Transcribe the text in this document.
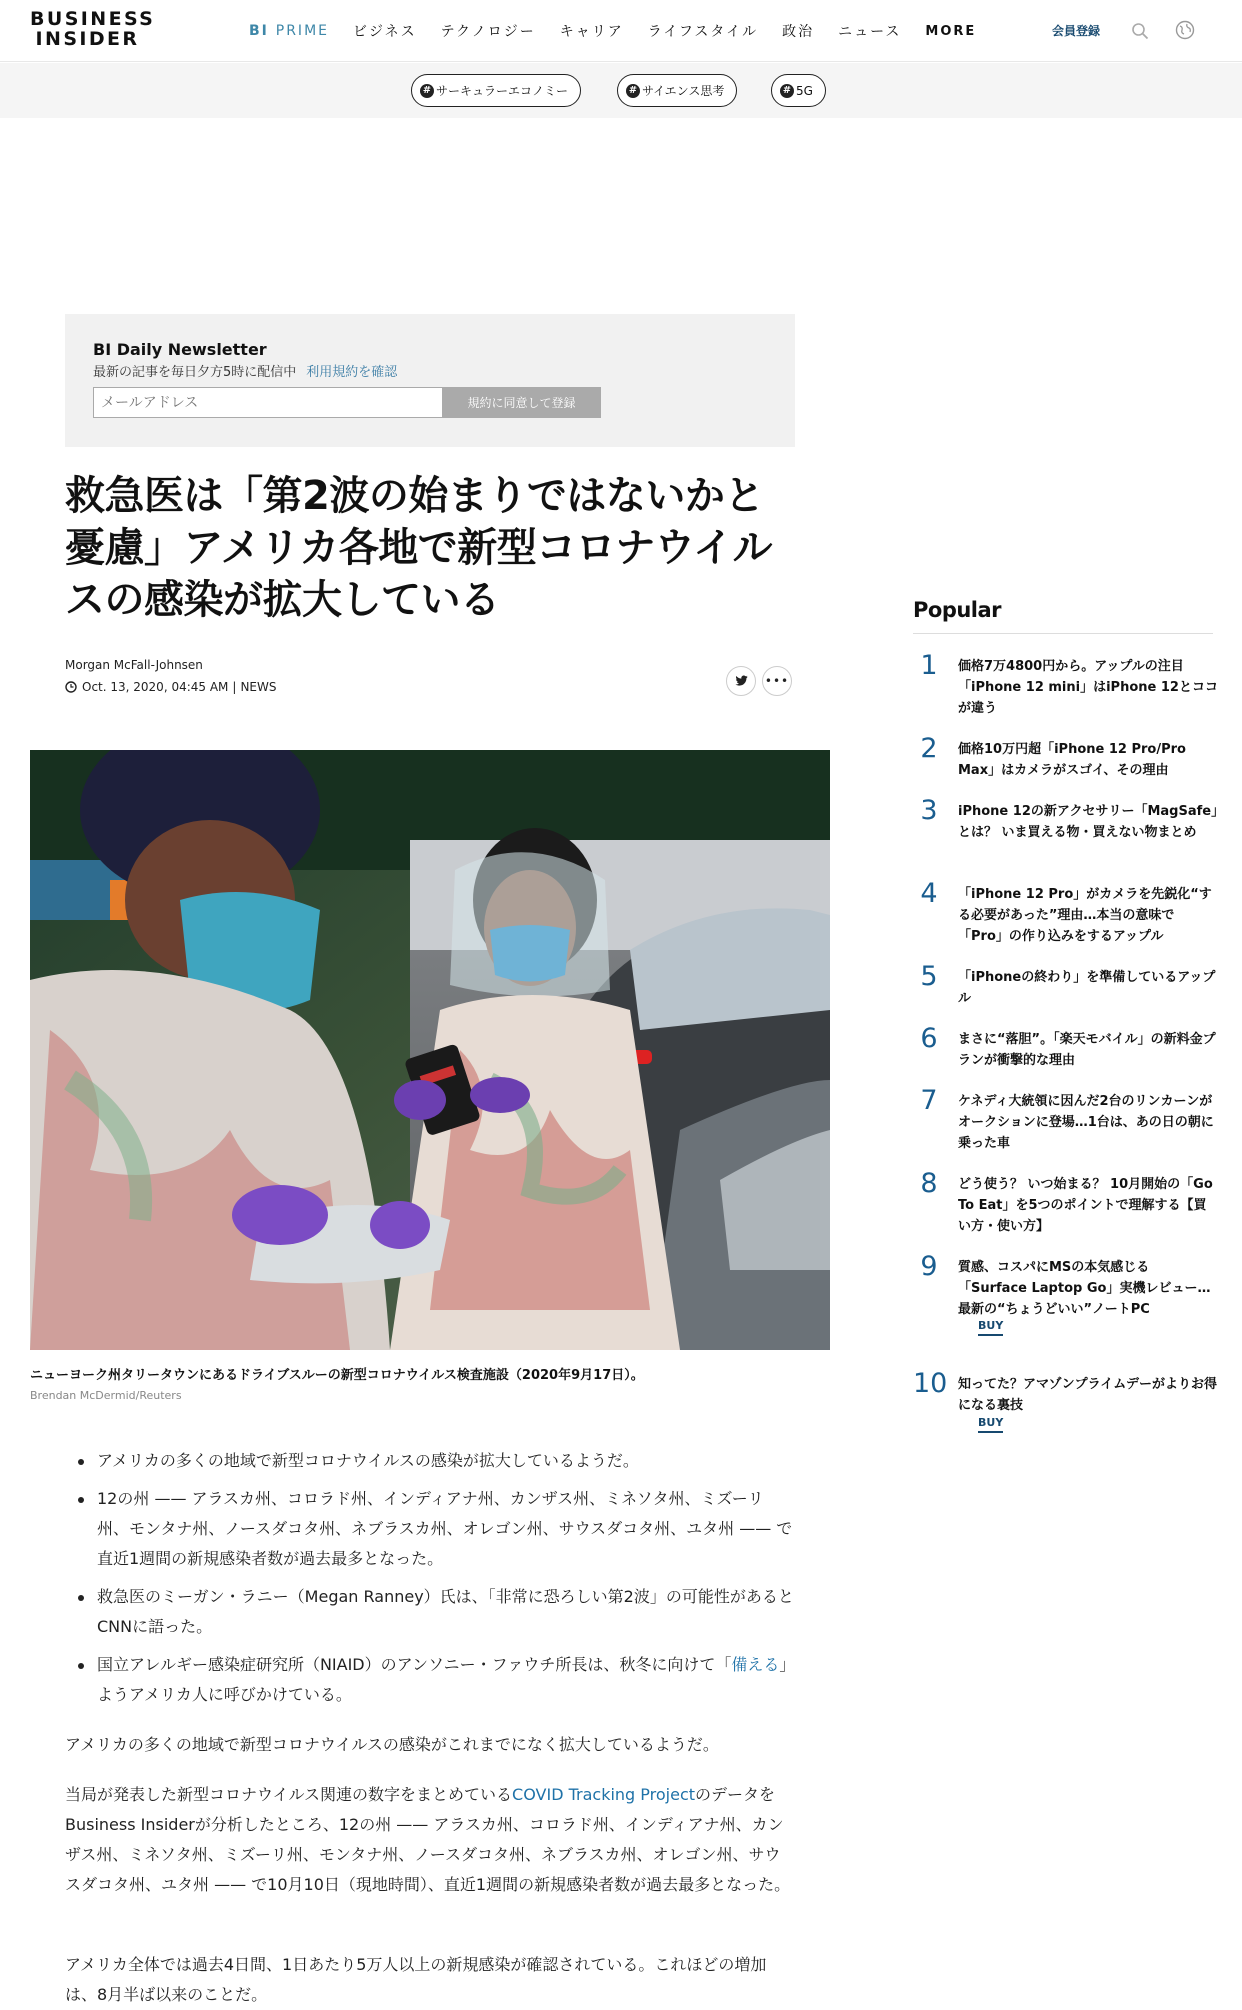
BUSINESS
INSIDER	BI PRIME ビジネス テクノロジー キャリア ライフスタイル 政治 ニュース MORE	会員登録
# サーキュラーエコノミー	# サイエンス思考	# 5G
BI Daily Newsletter
最新の記事を毎日夕方5時に配信中 利用規約を確認
メールアドレス
規約に同意して登録
救急医は「第2波の始まりではないかと憂慮」アメリカ各地で新型コロナウイルスの感染が拡大している
Morgan McFall-Johnsen
Oct. 13, 2020, 04:45 AM | NEWS	•••
ニューヨーク州タリータウンにあるドライブスルーの新型コロナウイルス検査施設（2020年9月17日）。
Brendan McDermid/Reuters
アメリカの多くの地域で新型コロナウイルスの感染が拡大しているようだ。
12の州 —— アラスカ州、コロラド州、インディアナ州、カンザス州、ミネソタ州、ミズーリ州、モンタナ州、ノースダコタ州、ネブラスカ州、オレゴン州、サウスダコタ州、ユタ州 —— で直近1週間の新規感染者数が過去最多となった。
救急医のミーガン・ラニー（Megan Ranney）氏は、「非常に恐ろしい第2波」の可能性があるとCNNに語った。
国立アレルギー感染症研究所（NIAID）のアンソニー・ファウチ所長は、秋冬に向けて「備える」ようアメリカ人に呼びかけている。

アメリカの多くの地域で新型コロナウイルスの感染がこれまでになく拡大しているようだ。

当局が発表した新型コロナウイルス関連の数字をまとめているCOVID Tracking ProjectのデータをBusiness Insiderが分析したところ、12の州 —— アラスカ州、コロラド州、インディアナ州、カンザス州、ミネソタ州、ミズーリ州、モンタナ州、ノースダコタ州、ネブラスカ州、オレゴン州、サウスダコタ州、ユタ州 —— で10月10日（現地時間）、直近1週間の新規感染者数が過去最多となった。

アメリカ全体では過去4日間、1日あたり5万人以上の新規感染が確認されている。これほどの増加は、8月半ば以来のことだ。

Popular
1	価格7万4800円から。アップルの注目「iPhone 12 mini」はiPhone 12とココが違う
2	価格10万円超「iPhone 12 Pro/Pro Max」はカメラがスゴイ、その理由
3	iPhone 12の新アクセサリー「MagSafe」とは？ いま買える物・買えない物まとめ
4	「iPhone 12 Pro」がカメラを先鋭化“する必要があった”理由…本当の意味で「Pro」の作り込みをするアップル
5	「iPhoneの終わり」を準備しているアップル
6	まさに“落胆”。「楽天モバイル」の新料金プランが衝撃的な理由
7	ケネディ大統領に因んだ2台のリンカーンがオークションに登場…1台は、あの日の朝に乗った車
8	どう使う？ いつ始まる？ 10月開始の「Go To Eat」を5つのポイントで理解する【買い方・使い方】
9	質感、コスパにMSの本気感じる「Surface Laptop Go」実機レビュー…最新の“ちょうどいい”ノートPC
BUY
10 知ってた？アマゾンプライムデーがよりお得になる裏技
BUY
